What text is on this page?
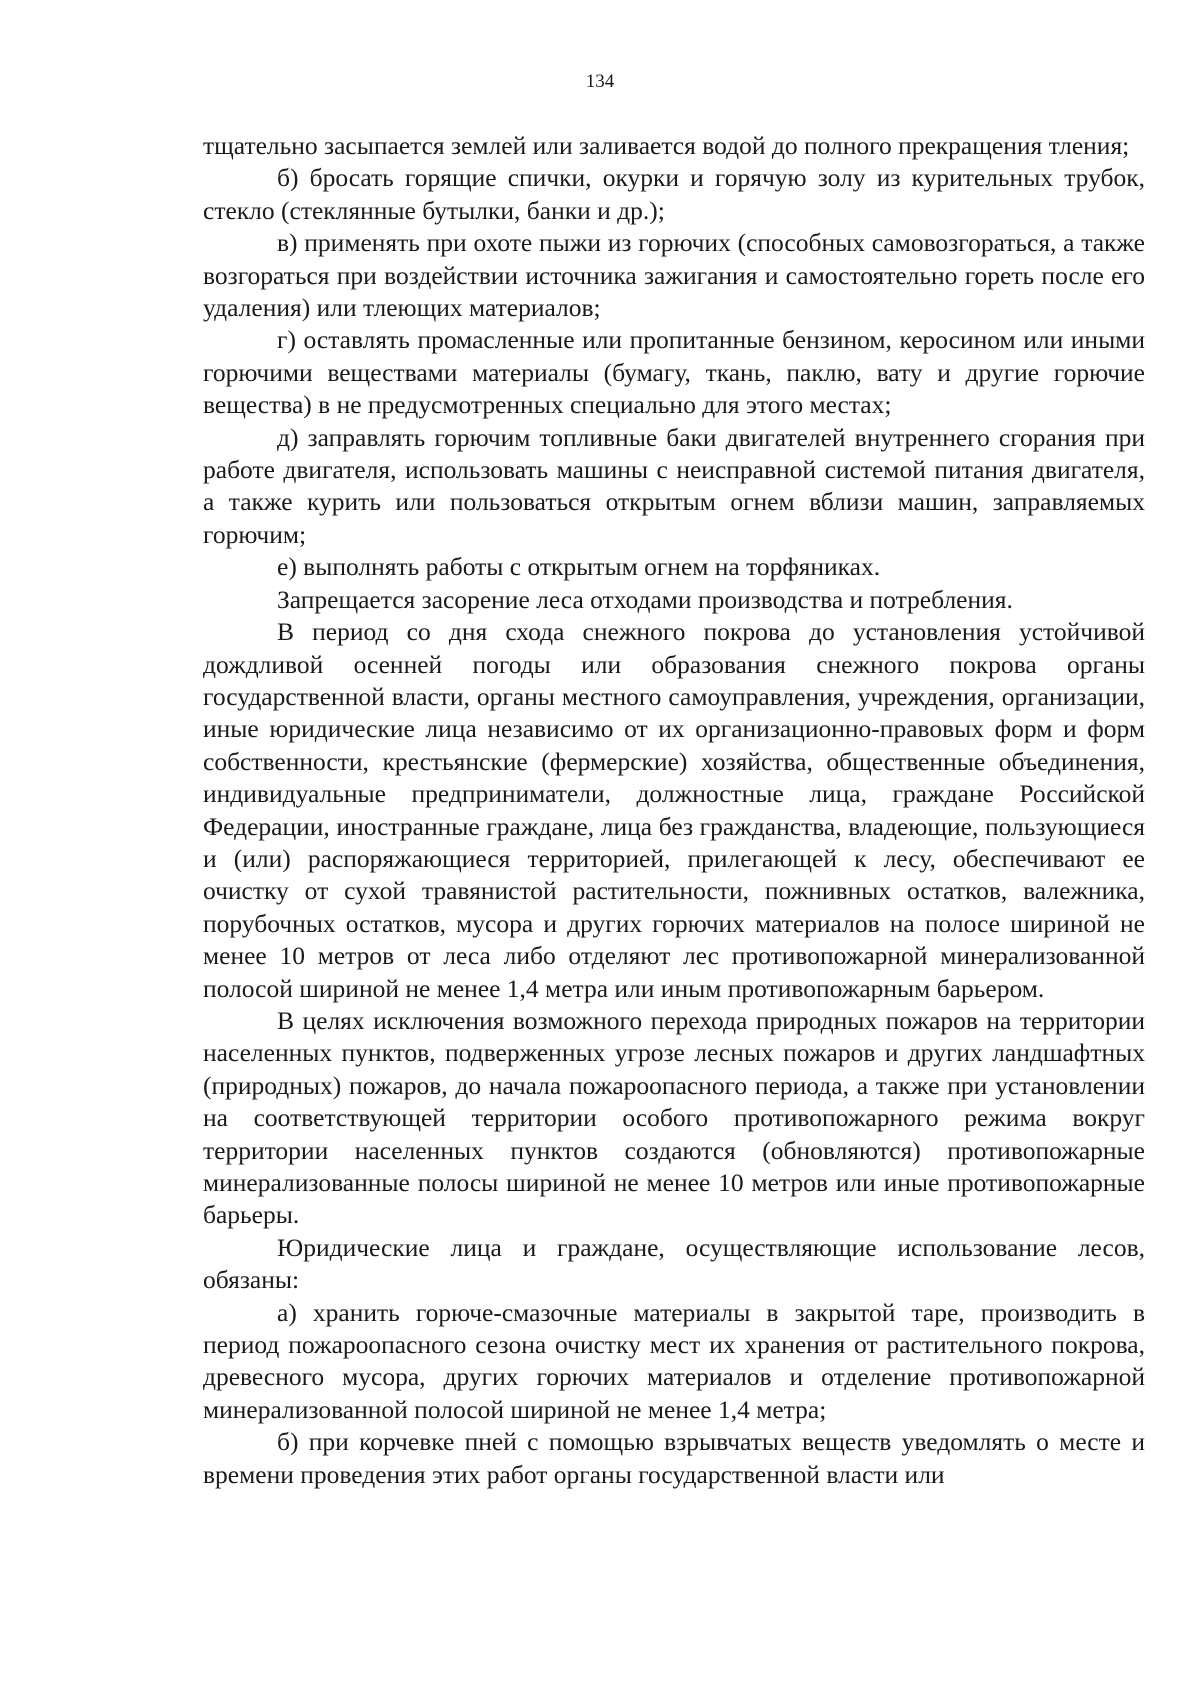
134

тщательно засыпается землей или заливается водой до полного прекращения тления;

б) бросать горящие спички, окурки и горячую золу из курительных трубок, стекло (стеклянные бутылки, банки и др.);

в) применять при охоте пыжи из горючих (способных самовозгораться, а также возгораться при воздействии источника зажигания и самостоятельно гореть после его удаления) или тлеющих материалов;

г) оставлять промасленные или пропитанные бензином, керосином или иными горючими веществами материалы (бумагу, ткань, паклю, вату и другие горючие вещества) в не предусмотренных специально для этого местах;

д) заправлять горючим топливные баки двигателей внутреннего сгорания при работе двигателя, использовать машины с неисправной системой питания двигателя, а также курить или пользоваться открытым огнем вблизи машин, заправляемых горючим;

е) выполнять работы с открытым огнем на торфяниках.

Запрещается засорение леса отходами производства и потребления.

В период со дня схода снежного покрова до установления устойчивой дождливой осенней погоды или образования снежного покрова органы государственной власти, органы местного самоуправления, учреждения, организации, иные юридические лица независимо от их организационно-правовых форм и форм собственности, крестьянские (фермерские) хозяйства, общественные объединения, индивидуальные предприниматели, должностные лица, граждане Российской Федерации, иностранные граждане, лица без гражданства, владеющие, пользующиеся и (или) распоряжающиеся территорией, прилегающей к лесу, обеспечивают ее очистку от сухой травянистой растительности, пожнивных остатков, валежника, порубочных остатков, мусора и других горючих материалов на полосе шириной не менее 10 метров от леса либо отделяют лес противопожарной минерализованной полосой шириной не менее 1,4 метра или иным противопожарным барьером.

В целях исключения возможного перехода природных пожаров на территории населенных пунктов, подверженных угрозе лесных пожаров и других ландшафтных (природных) пожаров, до начала пожароопасного периода, а также при установлении на соответствующей территории особого противопожарного режима вокруг территории населенных пунктов создаются (обновляются) противопожарные минерализованные полосы шириной не менее 10 метров или иные противопожарные барьеры.

Юридические лица и граждане, осуществляющие использование лесов, обязаны:

а) хранить горюче-смазочные материалы в закрытой таре, производить в период пожароопасного сезона очистку мест их хранения от растительного покрова, древесного мусора, других горючих материалов и отделение противопожарной минерализованной полосой шириной не менее 1,4 метра;

б) при корчевке пней с помощью взрывчатых веществ уведомлять о месте и времени проведения этих работ органы государственной власти или
